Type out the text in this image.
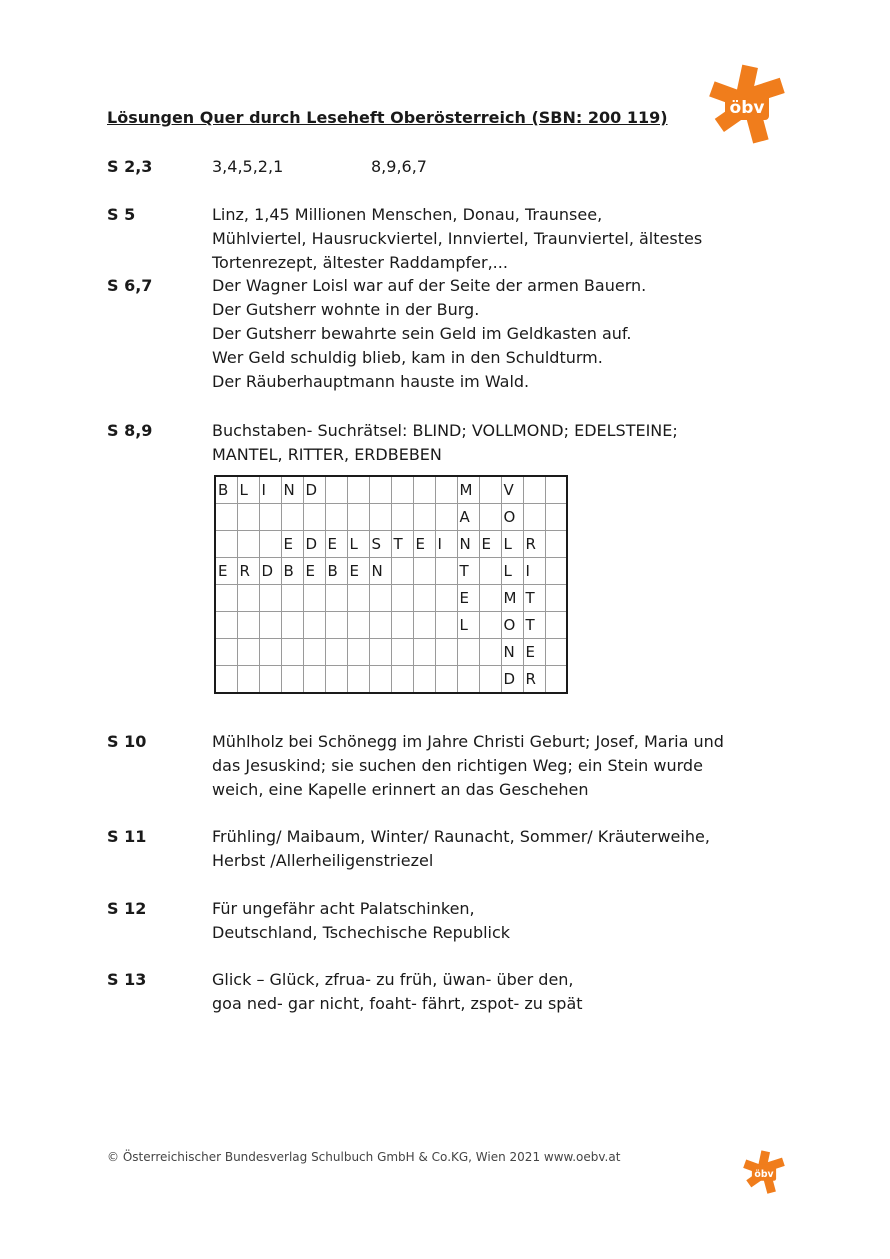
öbv
Lösungen Quer durch Leseheft Oberösterreich (SBN: 200 119)
S 2,3	3,4,5,2,1	8,9,6,7
S 5	Linz, 1,45 Millionen Menschen, Donau, Traunsee,
Mühlviertel, Hausruckviertel, Innviertel, Traunviertel, ältestes
Tortenrezept, ältester Raddampfer,...
S 6,7	Der Wagner Loisl war auf der Seite der armen Bauern.
Der Gutsherr wohnte in der Burg.
Der Gutsherr bewahrte sein Geld im Geldkasten auf.
Wer Geld schuldig blieb, kam in den Schuldturm.
Der Räuberhauptmann hauste im Wald.
S 8,9	Buchstaben- Suchrätsel: BLIND; VOLLMOND; EDELSTEINE;
MANTEL, RITTER, ERDBEBEN
B	L	I	N	D							M		V		
											A		O		
			E	D	E	L	S	T	E	I	N	E	L	R	
E	R	D	B	E	B	E	N				T		L	I	
											E		M	T	
											L		O	T	
													N	E	
													D	R	
S 10	Mühlholz bei Schönegg im Jahre Christi Geburt; Josef, Maria und
das Jesuskind; sie suchen den richtigen Weg; ein Stein wurde
weich, eine Kapelle erinnert an das Geschehen
S 11	Frühling/ Maibaum, Winter/ Raunacht, Sommer/ Kräuterweihe,
Herbst /Allerheiligenstriezel
S 12	Für ungefähr acht Palatschinken,
Deutschland, Tschechische Republick
S 13	Glick – Glück, zfrua- zu früh, üwan- über den,
goa ned- gar nicht, foaht- fährt, zspot- zu spät
© Österreichischer Bundesverlag Schulbuch GmbH & Co.KG, Wien 2021 www.oebv.at
öbv
